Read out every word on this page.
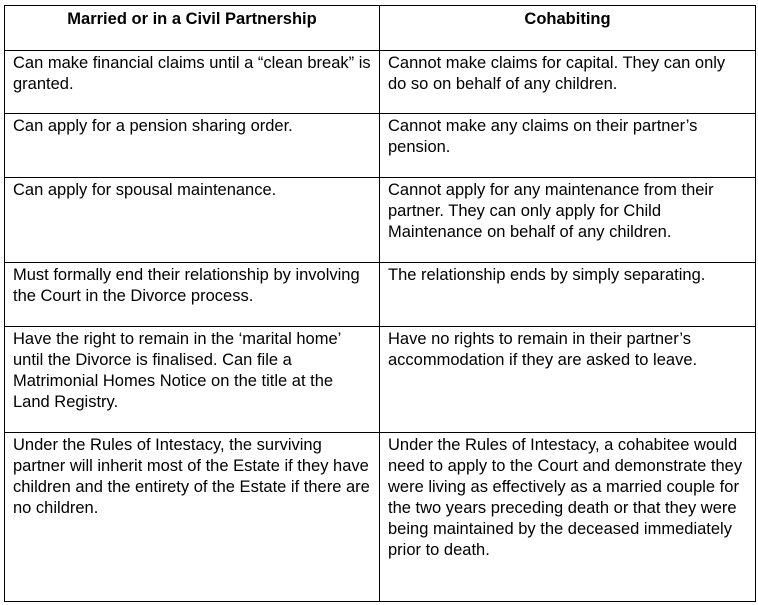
Married or in a Civil Partnership	Cohabiting
Can make financial claims until a “clean break” is granted.	Cannot make claims for capital. They can only do so on behalf of any children.
Can apply for a pension sharing order.	Cannot make any claims on their partner’s pension.
Can apply for spousal maintenance.	Cannot apply for any maintenance from their partner. They can only apply for Child Maintenance on behalf of any children.
Must formally end their relationship by involving the Court in the Divorce process.	The relationship ends by simply separating.
Have the right to remain in the ‘marital home’ until the Divorce is finalised. Can file a Matrimonial Homes Notice on the title at the Land Registry.	Have no rights to remain in their partner’s accommodation if they are asked to leave.
Under the Rules of Intestacy, the surviving partner will inherit most of the Estate if they have children and the entirety of the Estate if there are no children.	Under the Rules of Intestacy, a cohabitee would need to apply to the Court and demonstrate they were living as effectively as a married couple for the two years preceding death or that they were being maintained by the deceased immediately prior to death.
